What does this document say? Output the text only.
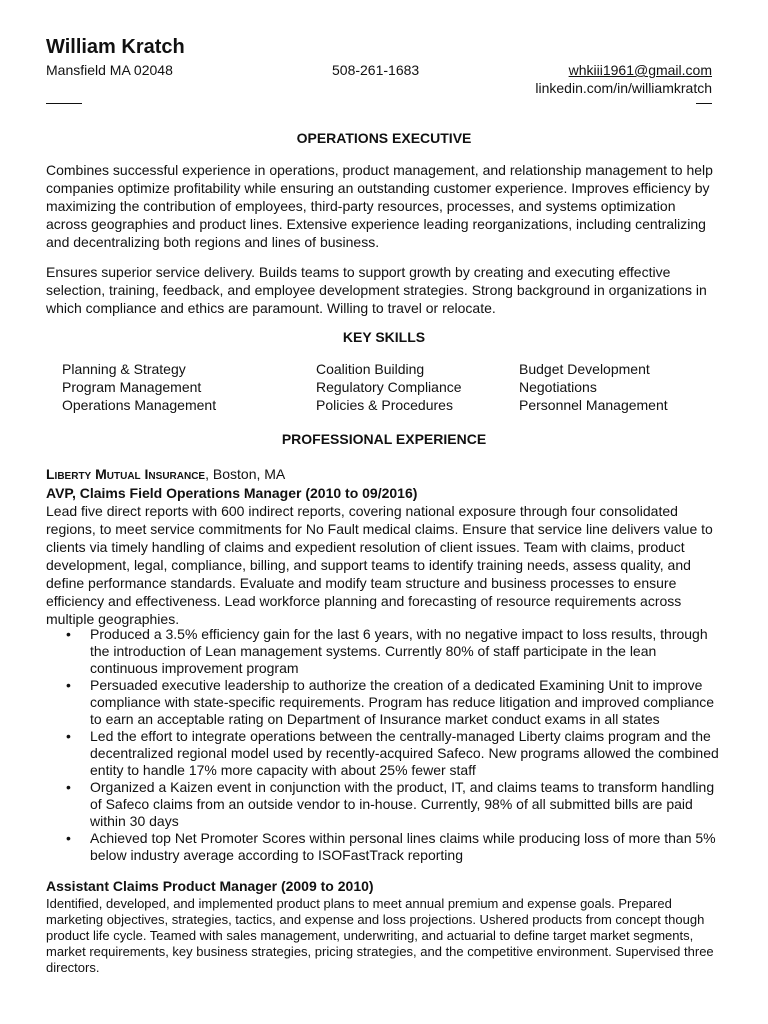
William Kratch
Mansfield MA 02048	508-261-1683	whkiii1961@gmail.com
linkedin.com/in/williamkratch
OPERATIONS EXECUTIVE

Combines successful experience in operations, product management, and relationship management to help companies optimize profitability while ensuring an outstanding customer experience. Improves efficiency by maximizing the contribution of employees, third-party resources, processes, and systems optimization across geographies and product lines. Extensive experience leading reorganizations, including centralizing and decentralizing both regions and lines of business.

Ensures superior service delivery. Builds teams to support growth by creating and executing effective selection, training, feedback, and employee development strategies. Strong background in organizations in which compliance and ethics are paramount. Willing to travel or relocate.

KEY SKILLS
Planning & Strategy
Program Management
Operations Management
Coalition Building
Regulatory Compliance
Policies & Procedures
Budget Development
Negotiations
Personnel Management
PROFESSIONAL EXPERIENCE
Liberty Mutual Insurance, Boston, MA
AVP, Claims Field Operations Manager (2010 to 09/2016)

Lead five direct reports with 600 indirect reports, covering national exposure through four consolidated regions, to meet service commitments for No Fault medical claims. Ensure that service line delivers value to clients via timely handling of claims and expedient resolution of client issues. Team with claims, product development, legal, compliance, billing, and support teams to identify training needs, assess quality, and define performance standards. Evaluate and modify team structure and business processes to ensure efficiency and effectiveness. Lead workforce planning and forecasting of resource requirements across multiple geographies.

• Produced a 3.5% efficiency gain for the last 6 years, with no negative impact to loss results, through the introduction of Lean management systems. Currently 80% of staff participate in the lean continuous improvement program
• Persuaded executive leadership to authorize the creation of a dedicated Examining Unit to improve compliance with state-specific requirements. Program has reduce litigation and improved compliance to earn an acceptable rating on Department of Insurance market conduct exams in all states
• Led the effort to integrate operations between the centrally-managed Liberty claims program and the decentralized regional model used by recently-acquired Safeco. New programs allowed the combined entity to handle 17% more capacity with about 25% fewer staff
• Organized a Kaizen event in conjunction with the product, IT, and claims teams to transform handling of Safeco claims from an outside vendor to in-house. Currently, 98% of all submitted bills are paid within 30 days
• Achieved top Net Promoter Scores within personal lines claims while producing loss of more than 5% below industry average according to ISOFastTrack reporting
Assistant Claims Product Manager (2009 to 2010)

Identified, developed, and implemented product plans to meet annual premium and expense goals. Prepared marketing objectives, strategies, tactics, and expense and loss projections. Ushered products from concept though product life cycle. Teamed with sales management, underwriting, and actuarial to define target market segments, market requirements, key business strategies, pricing strategies, and the competitive environment. Supervised three directors.
